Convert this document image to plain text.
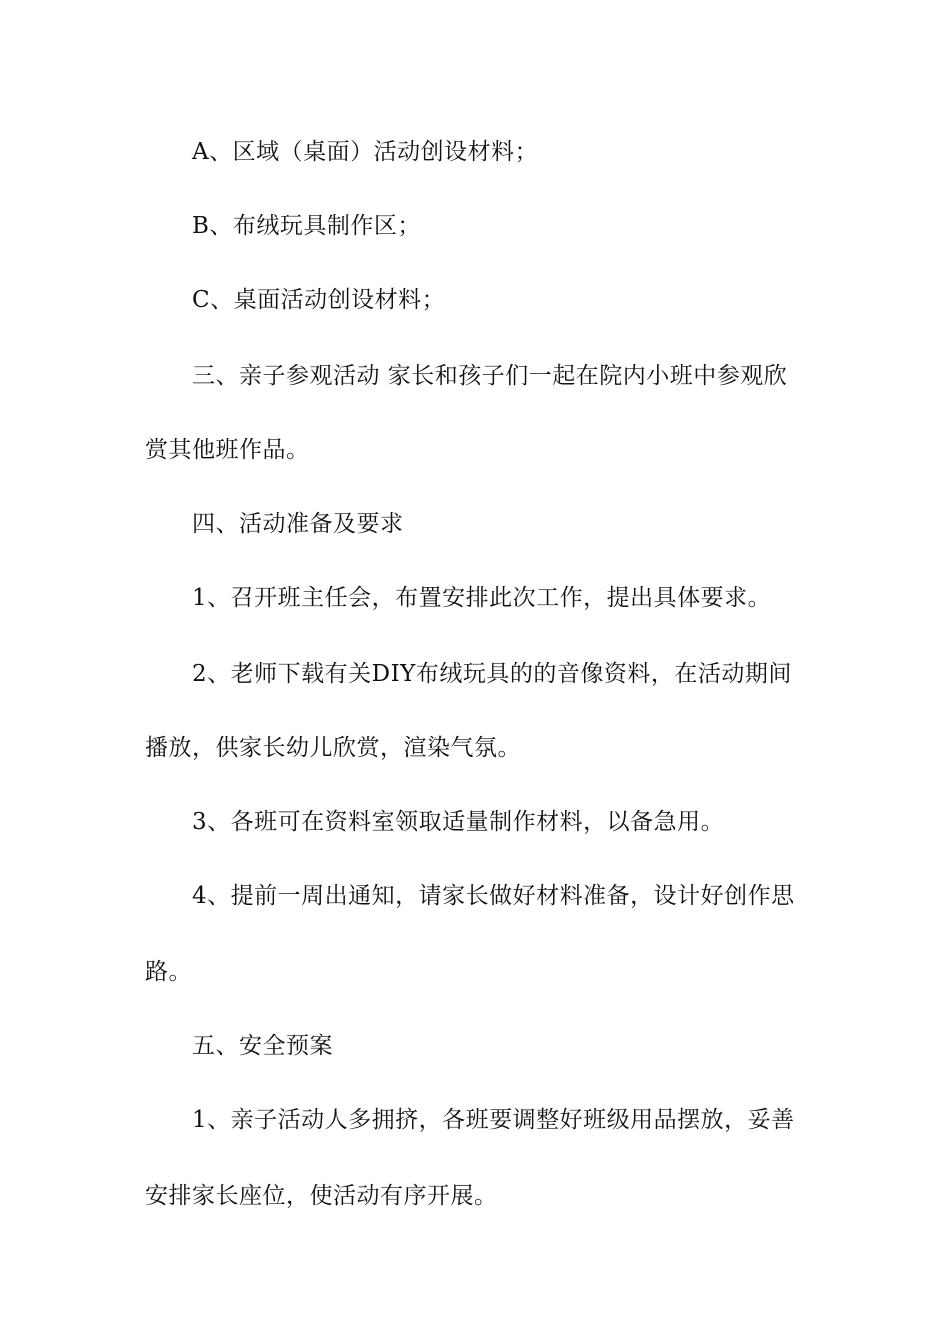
A、区域（桌面）活动创设材料；
B、布绒玩具制作区；
C、桌面活动创设材料；
三、亲子参观活动 家长和孩子们一起在院内小班中参观欣
赏其他班作品。
四、活动准备及要求
1、召开班主任会，布置安排此次工作，提出具体要求。
2、老师下载有关DIY布绒玩具的的音像资料，在活动期间
播放，供家长幼儿欣赏，渲染气氛。
3、各班可在资料室领取适量制作材料，以备急用。
4、提前一周出通知，请家长做好材料准备，设计好创作思
路。
五、安全预案
1、亲子活动人多拥挤，各班要调整好班级用品摆放，妥善
安排家长座位，使活动有序开展。
